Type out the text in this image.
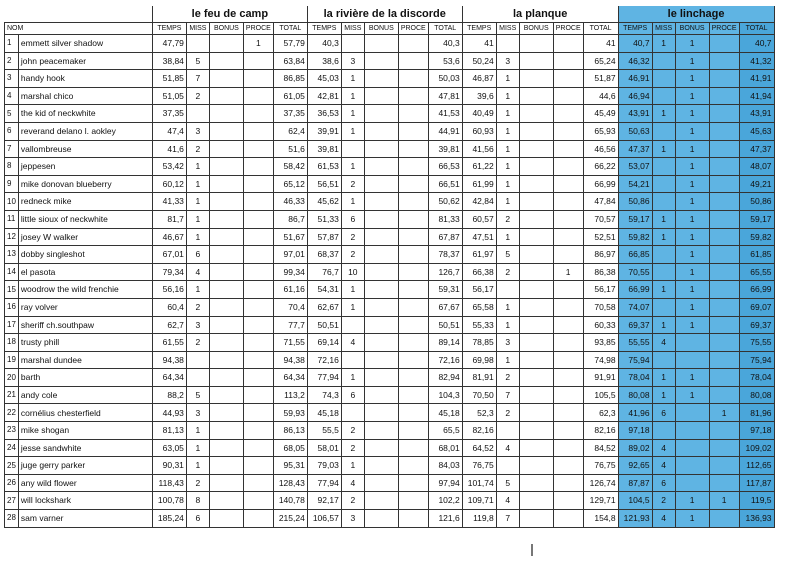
		le feu de camp					la rivière de la discorde					la planque					le linchage				
NOM		TEMPS	MISS	BONUS	PROCE	TOTAL	TEMPS	MISS	BONUS	PROCE	TOTAL	TEMPS	MISS	BONUS	PROCE	TOTAL	TEMPS	MISS	BONUS	PROCE	TOTAL
1	emmett silver shadow	47,79			1	57,79	40,3				40,3	41				41	40,7	1	1		40,7
2	john peacemaker	38,84	5			63,84	38,6	3			53,6	50,24	3			65,24	46,32		1		41,32
3	handy hook	51,85	7			86,85	45,03	1			50,03	46,87	1			51,87	46,91		1		41,91
4	marshal chico	51,05	2			61,05	42,81	1			47,81	39,6	1			44,6	46,94		1		41,94
5	the kid of neckwhite	37,35				37,35	36,53	1			41,53	40,49	1			45,49	43,91	1	1		43,91
6	reverand delano l. aokley	47,4	3			62,4	39,91	1			44,91	60,93	1			65,93	50,63		1		45,63
7	vallombreuse	41,6	2			51,6	39,81				39,81	41,56	1			46,56	47,37	1	1		47,37
8	jeppesen	53,42	1			58,42	61,53	1			66,53	61,22	1			66,22	53,07		1		48,07
9	mike donovan blueberry	60,12	1			65,12	56,51	2			66,51	61,99	1			66,99	54,21		1		49,21
10	redneck mike	41,33	1			46,33	45,62	1			50,62	42,84	1			47,84	50,86		1		50,86
11	little sioux of neckwhite	81,7	1			86,7	51,33	6			81,33	60,57	2			70,57	59,17	1	1		59,17
12	josey W walker	46,67	1			51,67	57,87	2			67,87	47,51	1			52,51	59,82	1	1		59,82
13	dobby singleshot	67,01	6			97,01	68,37	2			78,37	61,97	5			86,97	66,85		1		61,85
14	el pasota	79,34	4			99,34	76,7	10			126,7	66,38	2		1	86,38	70,55		1		65,55
15	woodrow the wild frenchie	56,16	1			61,16	54,31	1			59,31	56,17				56,17	66,99	1	1		66,99
16	ray volver	60,4	2			70,4	62,67	1			67,67	65,58	1			70,58	74,07		1		69,07
17	sheriff ch.southpaw	62,7	3			77,7	50,51				50,51	55,33	1			60,33	69,37	1	1		69,37
18	trusty phill	61,55	2			71,55	69,14	4			89,14	78,85	3			93,85	55,55	4			75,55
19	marshal dundee	94,38				94,38	72,16				72,16	69,98	1			74,98	75,94				75,94
20	barth	64,34				64,34	77,94	1			82,94	81,91	2			91,91	78,04	1	1		78,04
21	andy cole	88,2	5			113,2	74,3	6			104,3	70,50	7			105,5	80,08	1	1		80,08
22	cornélius chesterfield	44,93	3			59,93	45,18				45,18	52,3	2			62,3	41,96	6		1	81,96
23	mike shogan	81,13	1			86,13	55,5	2			65,5	82,16				82,16	97,18				97,18
24	jesse sandwhite	63,05	1			68,05	58,01	2			68,01	64,52	4			84,52	89,02	4			109,02
25	juge gerry parker	90,31	1			95,31	79,03	1			84,03	76,75				76,75	92,65	4			112,65
26	any wild flower	118,43	2			128,43	77,94	4			97,94	101,74	5			126,74	87,87	6			117,87
27	will lockshark	100,78	8			140,78	92,17	2			102,2	109,71	4			129,71	104,5	2	1	1	119,5
28	sam varner	185,24	6			215,24	106,57	3			121,6	119,8	7			154,8	121,93	4	1		136,93
